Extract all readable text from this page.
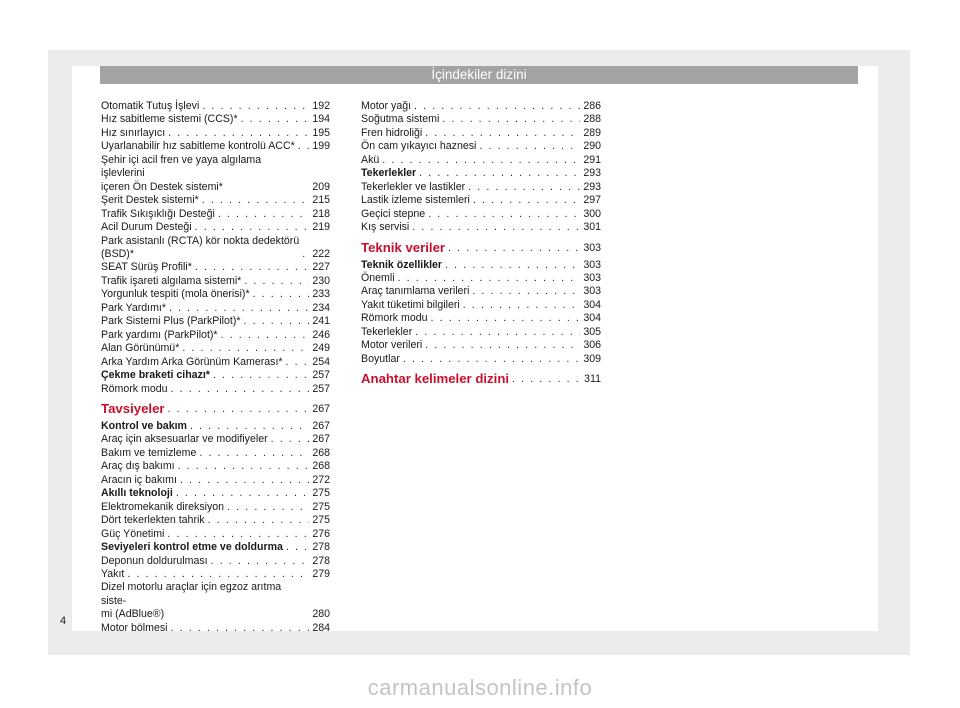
İçindekiler dizini
Otomatik Tutuş İşlevi . . .	192
Hız sabitleme sistemi (CCS)* . . .	194
Hız sınırlayıcı . . .	195
Uyarlanabilir hız sabitleme kontrolü ACC* . . . 199
Şehir içi acil fren ve yaya algılama işlevlerini
içeren Ön Destek sistemi*	209
Şerit Destek sistemi* . . .	215
Trafik Sıkışıklığı Desteği . . .	218
Acil Durum Desteği . . .	219
Park asistanlı (RCTA) kör nokta dedektörü
(BSD)* . . .	222
SEAT Sürüş Profili* . . .	227
Trafik işareti algılama sistemi* . . .	230
Yorgunluk tespiti (mola önerisi)* . . .	233
Park Yardımı* . . .	234
Park Sistemi Plus (ParkPilot)* . . .	241
Park yardımı (ParkPilot)* . . .	246
Alan Görünümü* . . .	249
Arka Yardım Arka Görünüm Kamerası* . . .	254
Çekme braketi cihazı* . . .	257
Römork modu . . .	257
Tavsiyeler . . .	267
Kontrol ve bakım . . .	267
Araç için aksesuarlar ve modifiyeler . . .	267
Bakım ve temizleme . . .	268
Araç dış bakımı . . .	268
Aracın iç bakımı . . .	272
Akıllı teknoloji . . .	275
Elektromekanik direksiyon . . .	275
Dört tekerlekten tahrik . . .	275
Güç Yönetimi . . .	276
Seviyeleri kontrol etme ve doldurma . . .	278
Deponun doldurulması . . .	278
Yakıt . . .	279
Dizel motorlu araçlar için egzoz arıtma siste-
mi (AdBlue®)	280
Motor bölmesi . . .	284
Motor yağı . . .	286
Soğutma sistemi . . .	288
Fren hidroliği . . .	289
Ön cam yıkayıcı haznesi . . .	290
Akü . . .	291
Tekerlekler . . .	293
Tekerlekler ve lastikler . . .	293
Lastik izleme sistemleri . . .	297
Geçici stepne . . .	300
Kış servisi . . .	301
Teknik veriler . . .	303
Teknik özellikler . . .	303
Önemli . . .	303
Araç tanımlama verileri . . .	303
Yakıt tüketimi bilgileri . . .	304
Römork modu . . .	304
Tekerlekler . . .	305
Motor verileri . . .	306
Boyutlar . . .	309
Anahtar kelimeler dizini . . .	311
4
carmanualsonline.info
